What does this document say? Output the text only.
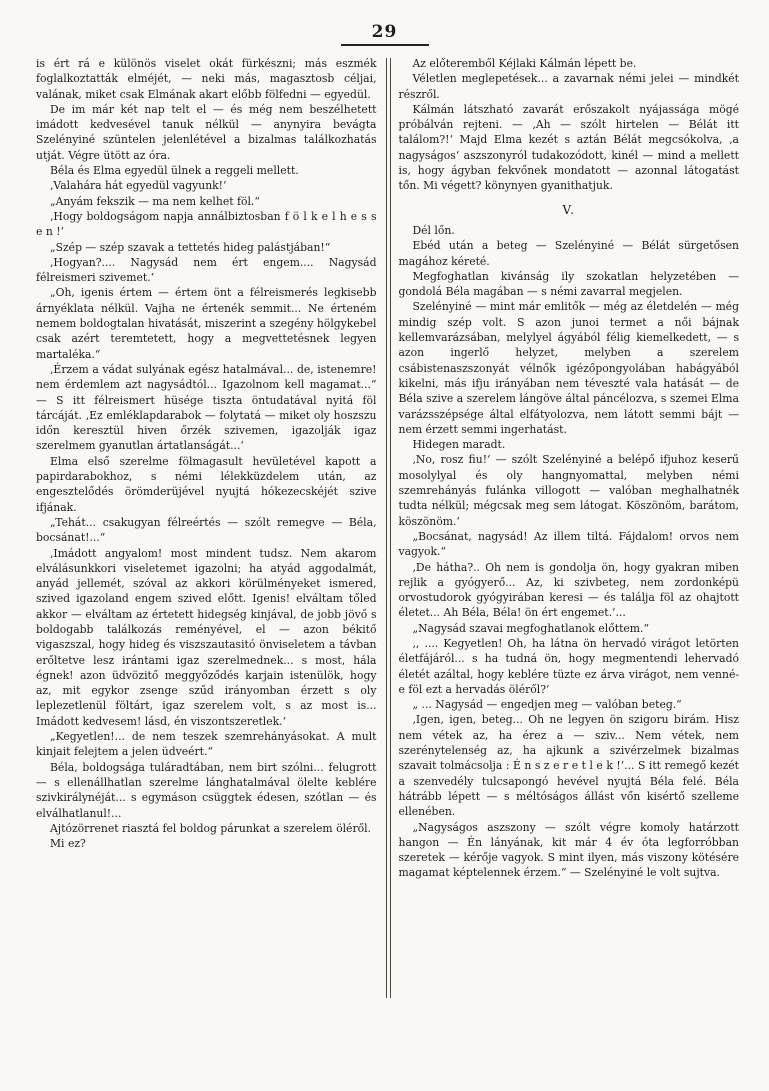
29

is ért rá e különös viselet okát fürkészni; más eszmék foglalkoztatták elméjét, — neki más, magasztosb céljai, valának, miket csak Elmának akart előbb fölfedni — egyedül.

De im már két nap telt el — és még nem beszélhetett imádott kedvesével tanuk nélkül — anynyira bevágta Szelényiné szüntelen jelenlétével a bizalmas találkozhatás utját. Végre ütött az óra.

Béla és Elma egyedül ülnek a reggeli mellett.

‚Valahára hát egyedül vagyunk!‘

„Anyám fekszik — ma nem kelhet föl.“

‚Hogy boldogságom napja annálbiztosban f ö l k e l h e s s e n !‘

„Szép — szép szavak a tettetés hideg palástjában!“

‚Hogyan?.... Nagysád nem ért engem.... Nagysád félreismeri szivemet.‘

„Oh, igenis értem — értem önt a félreismerés legkisebb árnyéklata nélkül. Vajha ne értenék semmit... Ne érteném nemem boldogtalan hivatását, miszerint a szegény hölgykebel csak azért teremtetett, hogy a megvettetésnek legyen martaléka.“

‚Érzem a vádat sulyának egész hatalmával... de, istenemre! nem érdemlem azt nagysádtól... Igazolnom kell magamat...“ — S itt félreismert hüsége tiszta öntudatával nyitá föl tárcáját. ‚Ez emléklapdarabok — folytatá — miket oly hoszszu időn keresztül hiven őrzék szivemen, igazolják igaz szerelmem gyanutlan ártatlanságát...‘

Elma első szerelme fölmagasult hevületével kapott a papirdarabokhoz, s némi lélekküzdelem után, az engesztelődés örömderüjével nyujtá hókezecskéjét szive ifjának.

„Tehát... csakugyan félreértés — szólt remegve — Béla, bocsánat!...“

‚Imádott angyalom! most mindent tudsz. Nem akarom elválásunkkori viseletemet igazolni; ha atyád aggodalmát, anyád jellemét, szóval az akkori körülményeket ismered, szived igazoland engem szived előtt. Igenis! elváltam tőled akkor — elváltam az értetett hidegség kinjával, de jobb jövő s boldogabb találkozás reményével, el — azon békitő vigaszszal, hogy hideg és viszszautasitó önviseletem a távban erőltetve lesz irántami igaz szerelmednek... s most, hála égnek! azon üdvözitő meggyőződés karjain istenülök, hogy az, mit egykor zsenge szűd irányomban érzett s oly leplezetlenül föltárt, igaz szerelem volt, s az most is... Imádott kedvesem! lásd, én viszontszeretlek.‘

„Kegyetlen!... de nem teszek szemrehányásokat. A mult kinjait felejtem a jelen üdveért.“

Béla, boldogsága tuláradtában, nem birt szólni... felugrott — s ellenállhatlan szerelme lánghatalmával ölelte keblére szivkirálynéját... s egymáson csüggtek édesen, szótlan — és elválhatlanul!...

Ajtózörrenet riasztá fel boldog párunkat a szerelem öléről.

Mi ez?

Az előteremből Kéjlaki Kálmán lépett be.

Véletlen meglepetések... a zavarnak némi jelei — mindkét részről.

Kálmán látszható zavarát erőszakolt nyájassága mögé próbálván rejteni. — ‚Ah — szólt hirtelen — Bélát itt találom?!‘ Majd Elma kezét s aztán Bélát megcsókolva, ‚a nagyságos‘ aszszonyról tudakozódott, kinél — mind a mellett is, hogy ágyban fekvőnek mondatott — azonnal látogatást tőn. Mi végett? könynyen gyanithatjuk.

V.

Dél lőn.

Ebéd után a beteg — Szelényiné — Bélát sürgetősen magához kéreté.

Megfoghatlan kivánság ily szokatlan helyzetében — gondolá Béla magában — s némi zavarral megjelen.

Szelényiné — mint már emlitők — még az életdelén — még mindig szép volt. S azon junoi termet a női bájnak kellemvarázsában, melylyel ágyából félig kiemelkedett, — s azon ingerlő helyzet, melyben a szerelem csábistenaszszonyát vélnők igézőpongyolában habágyából kikelni, más ifju irányában nem téveszté vala hatását — de Béla szive a szerelem lángöve által páncélozva, s szemei Elma varázsszépsége által elfátyolozva, nem látott semmi bájt — nem érzett semmi ingerhatást.

Hidegen maradt.

‚No, rosz fiu!‘ — szólt Szelényiné a belépő ifjuhoz keserű mosolylyal és oly hangnyomattal, melyben némi szemrehányás fulánka villogott — valóban meghalhatnék tudta nélkül; mégcsak meg sem látogat. Köszönöm, barátom, köszönöm.‘

„Bocsánat, nagysád! Az illem tiltá. Fájdalom! orvos nem vagyok.“

‚De hátha?.. Oh nem is gondolja ön, hogy gyakran miben rejlik a gyógyerő... Az, ki szivbeteg, nem zordonképü orvostudorok gyógyirában keresi — és találja föl az ohajtott életet... Ah Béla, Béla! ön ért engemet.‘...

„Nagysád szavai megfoghatlanok előttem.“

‚, .... Kegyetlen! Oh, ha látna ön hervadó virágot letörten életfájáról... s ha tudná ön, hogy megmentendi lehervadó életét azáltal, hogy keblére tüzte ez árva virágot, nem venné-e föl ezt a hervadás öléről?‘

„ ... Nagysád — engedjen meg — valóban beteg.“

‚Igen, igen, beteg... Oh ne legyen ön szigoru birám. Hisz nem vétek az, ha érez a — sziv... Nem vétek, nem szerénytelenség az, ha ajkunk a szivérzelmek bizalmas szavait tolmácsolja : É n s z e r e t l e k !‘... S itt remegő kezét a szenvedély tulcsapongó hevével nyujtá Béla felé. Béla hátrább lépett — s méltóságos állást vőn kisértő szelleme ellenében.

„Nagyságos aszszony — szólt végre komoly határzott hangon — Én lányának, kit már 4 év óta legforróbban szeretek — kérője vagyok. S mint ilyen, más viszony kötésére magamat képtelennek érzem.“ — Szelényiné le volt sujtva.
